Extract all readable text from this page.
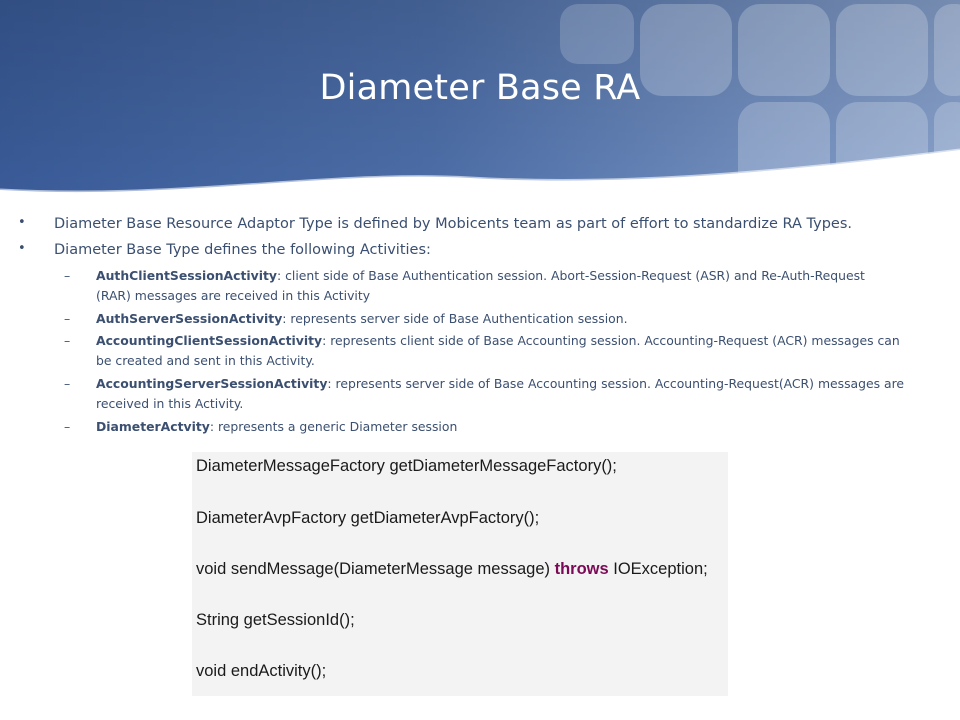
Diameter Base RA
• Diameter Base Resource Adaptor Type is defined by Mobicents team as part of effort to standardize RA Types.
• Diameter Base Type defines the following Activities:
– AuthClientSessionActivity: client side of Base Authentication session. Abort-Session-Request (ASR) and Re-Auth-Request
(RAR) messages are received in this Activity
– AuthServerSessionActivity: represents server side of Base Authentication session.
– AccountingClientSessionActivity: represents client side of Base Accounting session. Accounting-Request (ACR) messages can
be created and sent in this Activity.
– AccountingServerSessionActivity: represents server side of Base Accounting session. Accounting-Request(ACR) messages are
received in this Activity.
– DiameterActvity: represents a generic Diameter session
DiameterMessageFactory getDiameterMessageFactory();
DiameterAvpFactory getDiameterAvpFactory();
void sendMessage(DiameterMessage message) throws IOException;
String getSessionId();
void endActivity();
